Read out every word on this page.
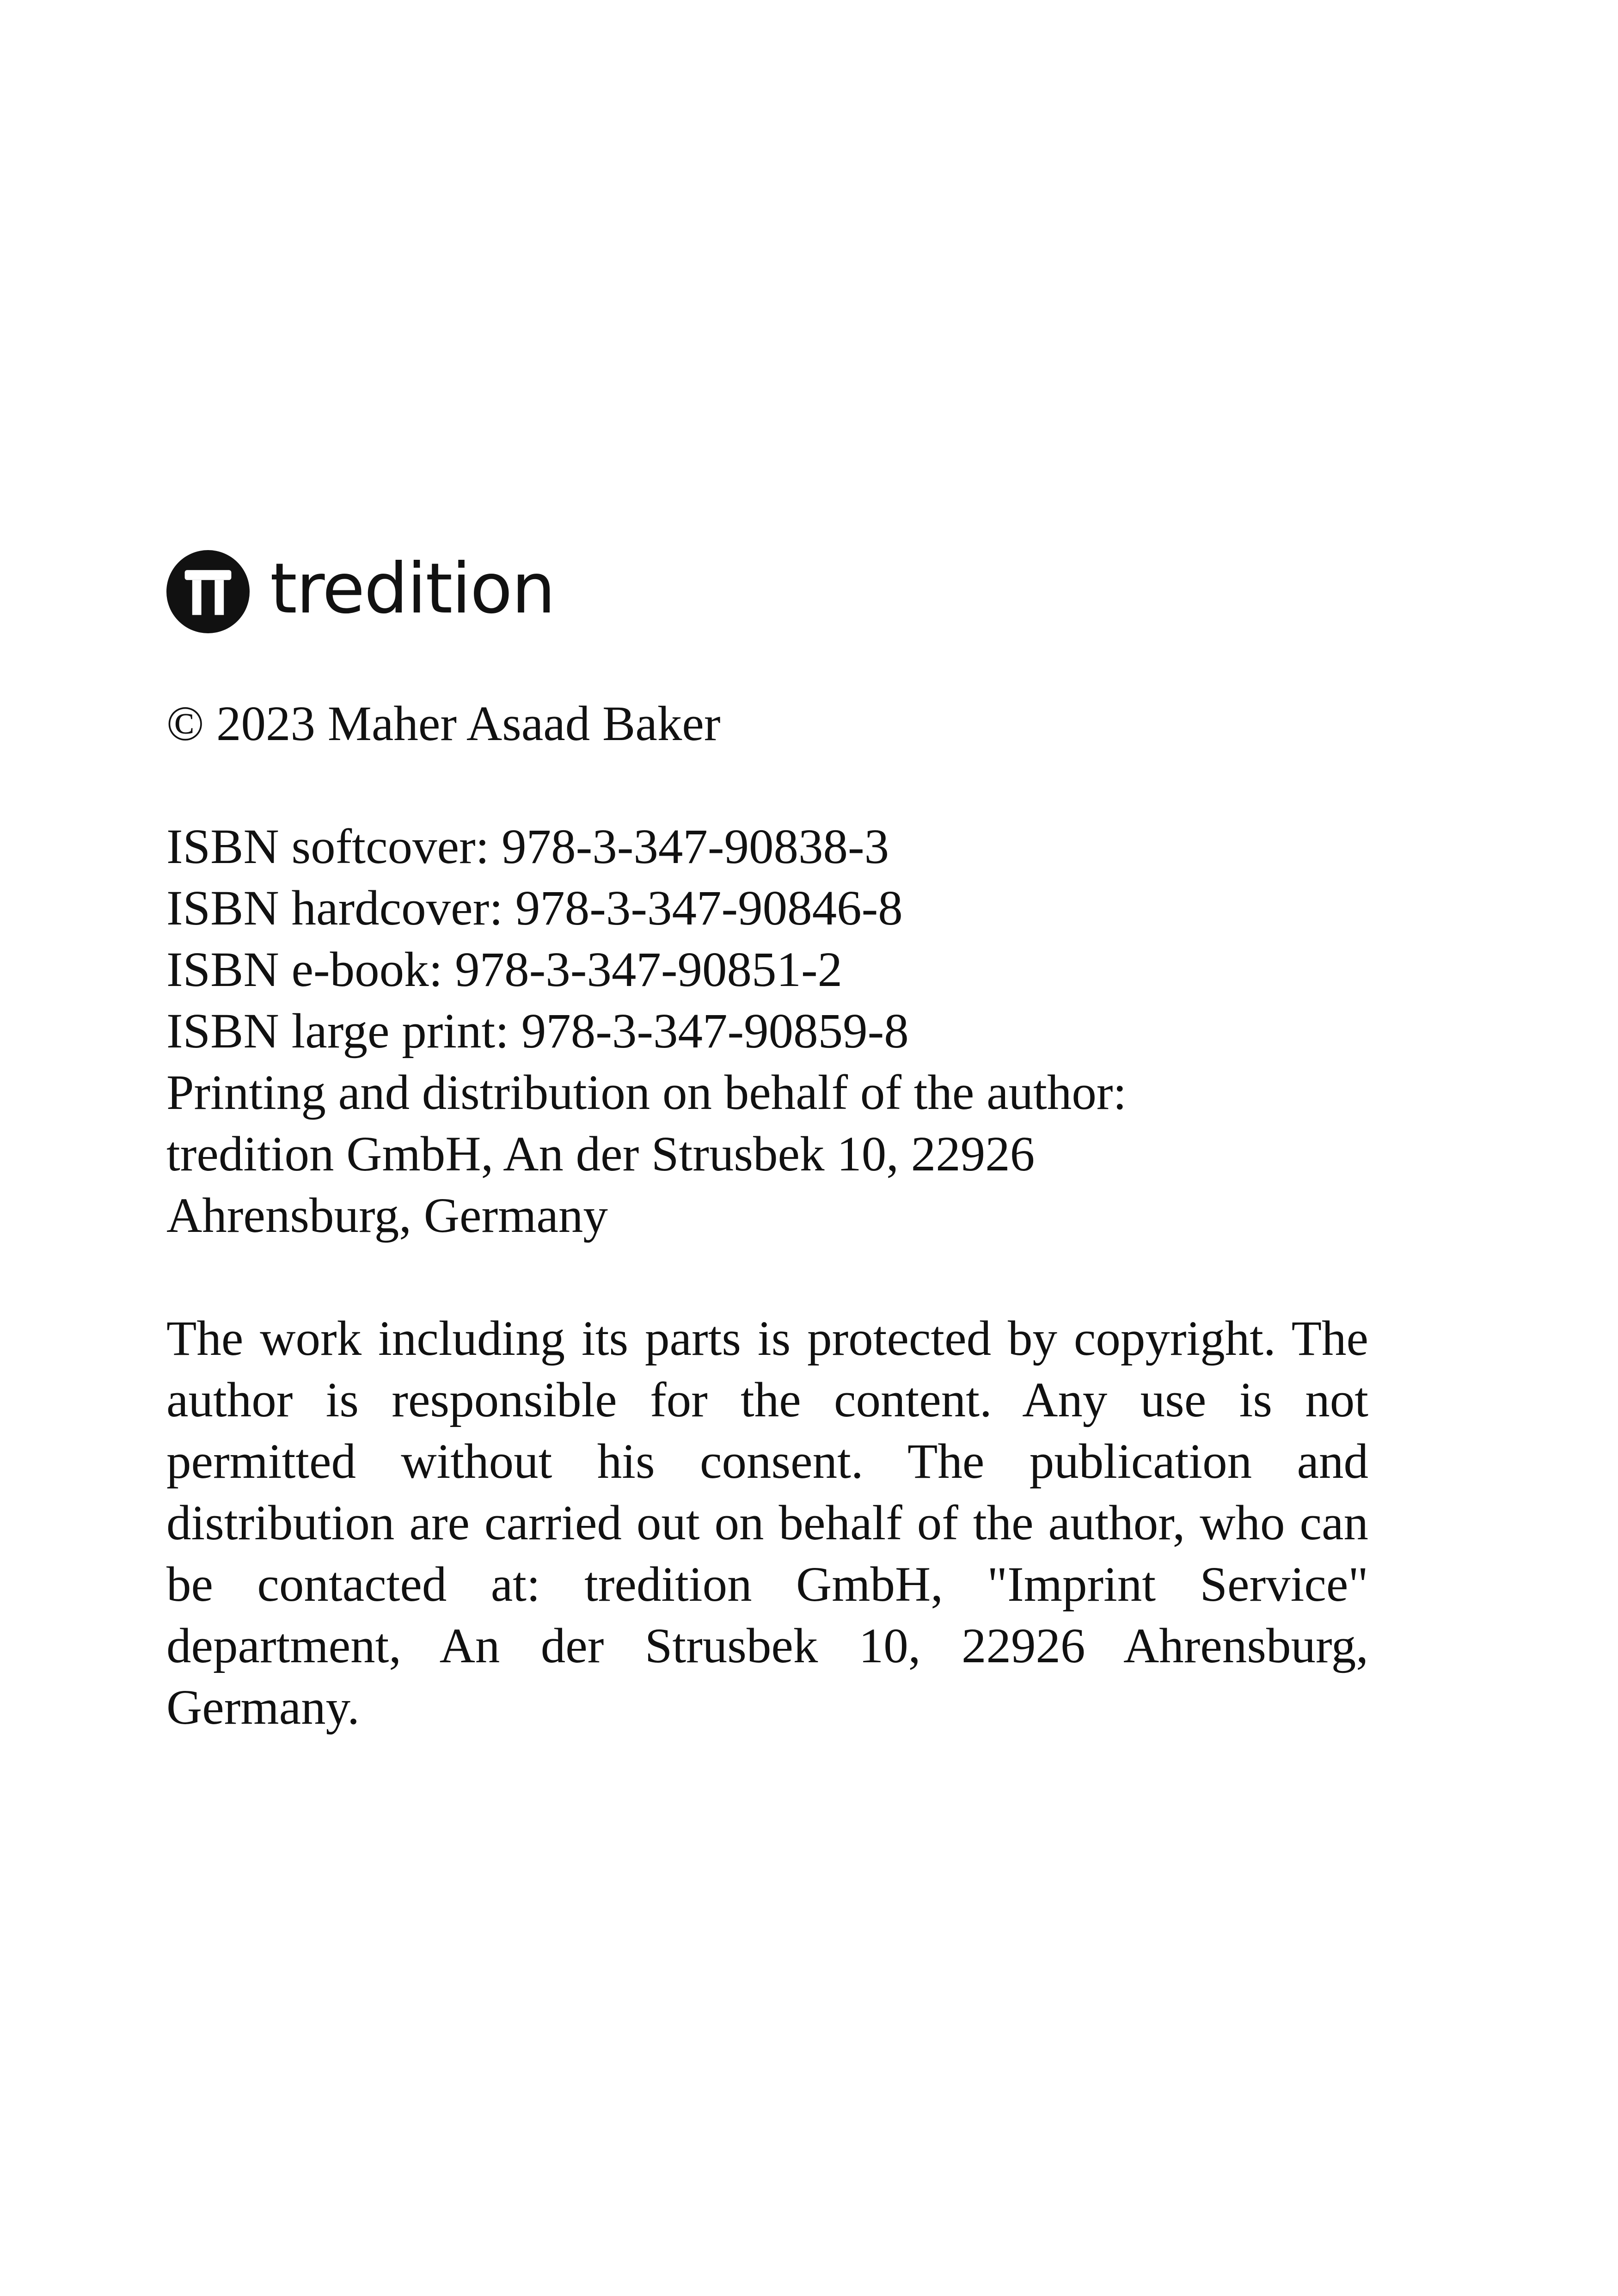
tredition
© 2023 Maher Asaad Baker
ISBN softcover: 978-3-347-90838-3
ISBN hardcover: 978-3-347-90846-8
ISBN e-book: 978-3-347-90851-2
ISBN large print: 978-3-347-90859-8
Printing and distribution on behalf of the author:
tredition GmbH, An der Strusbek 10, 22926
Ahrensburg, Germany

The work including its parts is protected by copyright. The author is responsible for the content. Any use is not permitted without his consent. The publication and distribution are carried out on behalf of the author, who can be contacted at: tredition GmbH, "Imprint Service" department, An der Strusbek 10, 22926 Ahrensburg, Germany.
